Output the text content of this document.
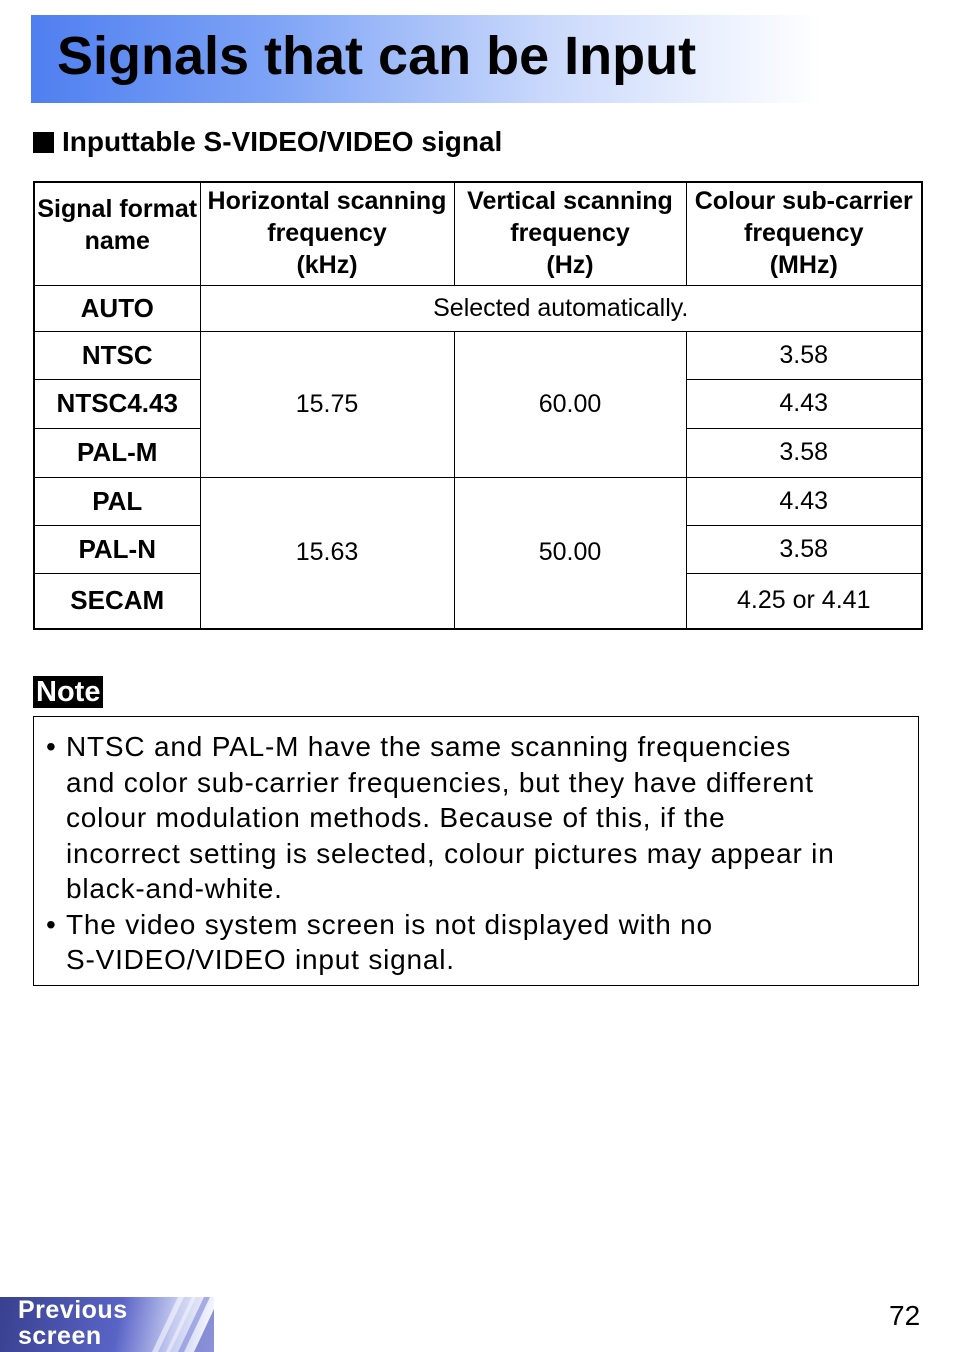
Signals that can be Input
Inputtable S-VIDEO/VIDEO signal
Signal format
name	Horizontal scanning
frequency
(kHz)	Vertical scanning
frequency
(Hz)	Colour sub-carrier
frequency
(MHz)
AUTO	Selected automatically.		
NTSC	15.75	60.00	3.58
NTSC4.43			4.43
PAL-M			3.58
PAL	15.63	50.00	4.43
PAL-N			3.58
SECAM			4.25 or 4.41
Note
• NTSC and PAL-M have the same scanning frequencies
and color sub-carrier frequencies, but they have different
colour modulation methods. Because of this, if the
incorrect setting is selected, colour pictures may appear in
black-and-white.
• The video system screen is not displayed with no
S-VIDEO/VIDEO input signal.
Previous
screen
72
